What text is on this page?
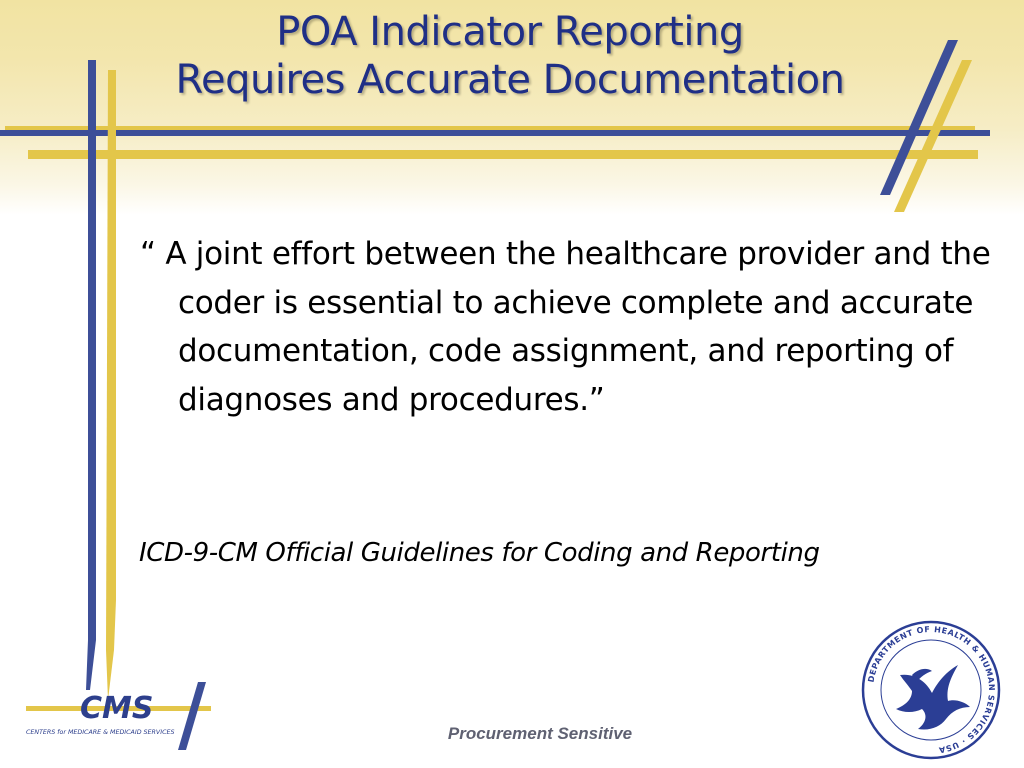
POA Indicator Reporting
Requires Accurate Documentation

“ A joint effort between the healthcare provider and the coder is essential to achieve complete and accurate documentation, code assignment, and reporting of diagnoses and procedures.”

ICD-9-CM Official Guidelines for Coding and Reporting

Procurement Sensitive
CMS
CENTERS for MEDICARE & MEDICAID SERVICES
DEPARTMENT OF HEALTH & HUMAN SERVICES · USA
